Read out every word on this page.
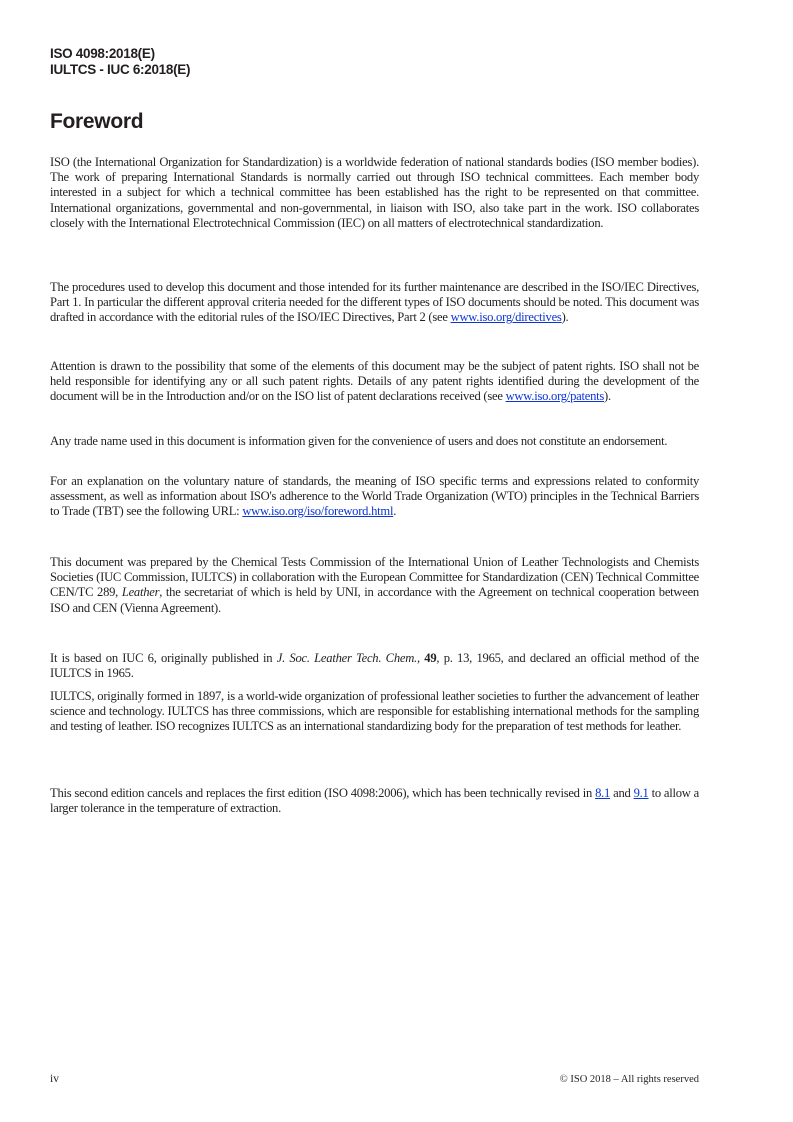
ISO 4098:2018(E)
IULTCS - IUC 6:2018(E)
Foreword

ISO (the International Organization for Standardization) is a worldwide federation of national standards bodies (ISO member bodies). The work of preparing International Standards is normally carried out through ISO technical committees. Each member body interested in a subject for which a technical committee has been established has the right to be represented on that committee. International organizations, governmental and non-governmental, in liaison with ISO, also take part in the work. ISO collaborates closely with the International Electrotechnical Commission (IEC) on all matters of electrotechnical standardization.

The procedures used to develop this document and those intended for its further maintenance are described in the ISO/IEC Directives, Part 1. In particular the different approval criteria needed for the different types of ISO documents should be noted. This document was drafted in accordance with the editorial rules of the ISO/IEC Directives, Part 2 (see www.iso.org/directives).

Attention is drawn to the possibility that some of the elements of this document may be the subject of patent rights. ISO shall not be held responsible for identifying any or all such patent rights. Details of any patent rights identified during the development of the document will be in the Introduction and/or on the ISO list of patent declarations received (see www.iso.org/patents).

Any trade name used in this document is information given for the convenience of users and does not constitute an endorsement.

For an explanation on the voluntary nature of standards, the meaning of ISO specific terms and expressions related to conformity assessment, as well as information about ISO's adherence to the World Trade Organization (WTO) principles in the Technical Barriers to Trade (TBT) see the following URL: www.iso.org/iso/foreword.html.

This document was prepared by the Chemical Tests Commission of the International Union of Leather Technologists and Chemists Societies (IUC Commission, IULTCS) in collaboration with the European Committee for Standardization (CEN) Technical Committee CEN/TC 289, Leather, the secretariat of which is held by UNI, in accordance with the Agreement on technical cooperation between ISO and CEN (Vienna Agreement).

It is based on IUC 6, originally published in J. Soc. Leather Tech. Chem., 49, p. 13, 1965, and declared an official method of the IULTCS in 1965.

IULTCS, originally formed in 1897, is a world-wide organization of professional leather societies to further the advancement of leather science and technology. IULTCS has three commissions, which are responsible for establishing international methods for the sampling and testing of leather. ISO recognizes IULTCS as an international standardizing body for the preparation of test methods for leather.

This second edition cancels and replaces the first edition (ISO 4098:2006), which has been technically revised in 8.1 and 9.1 to allow a larger tolerance in the temperature of extraction.

iv	© ISO 2018 – All rights reserved
